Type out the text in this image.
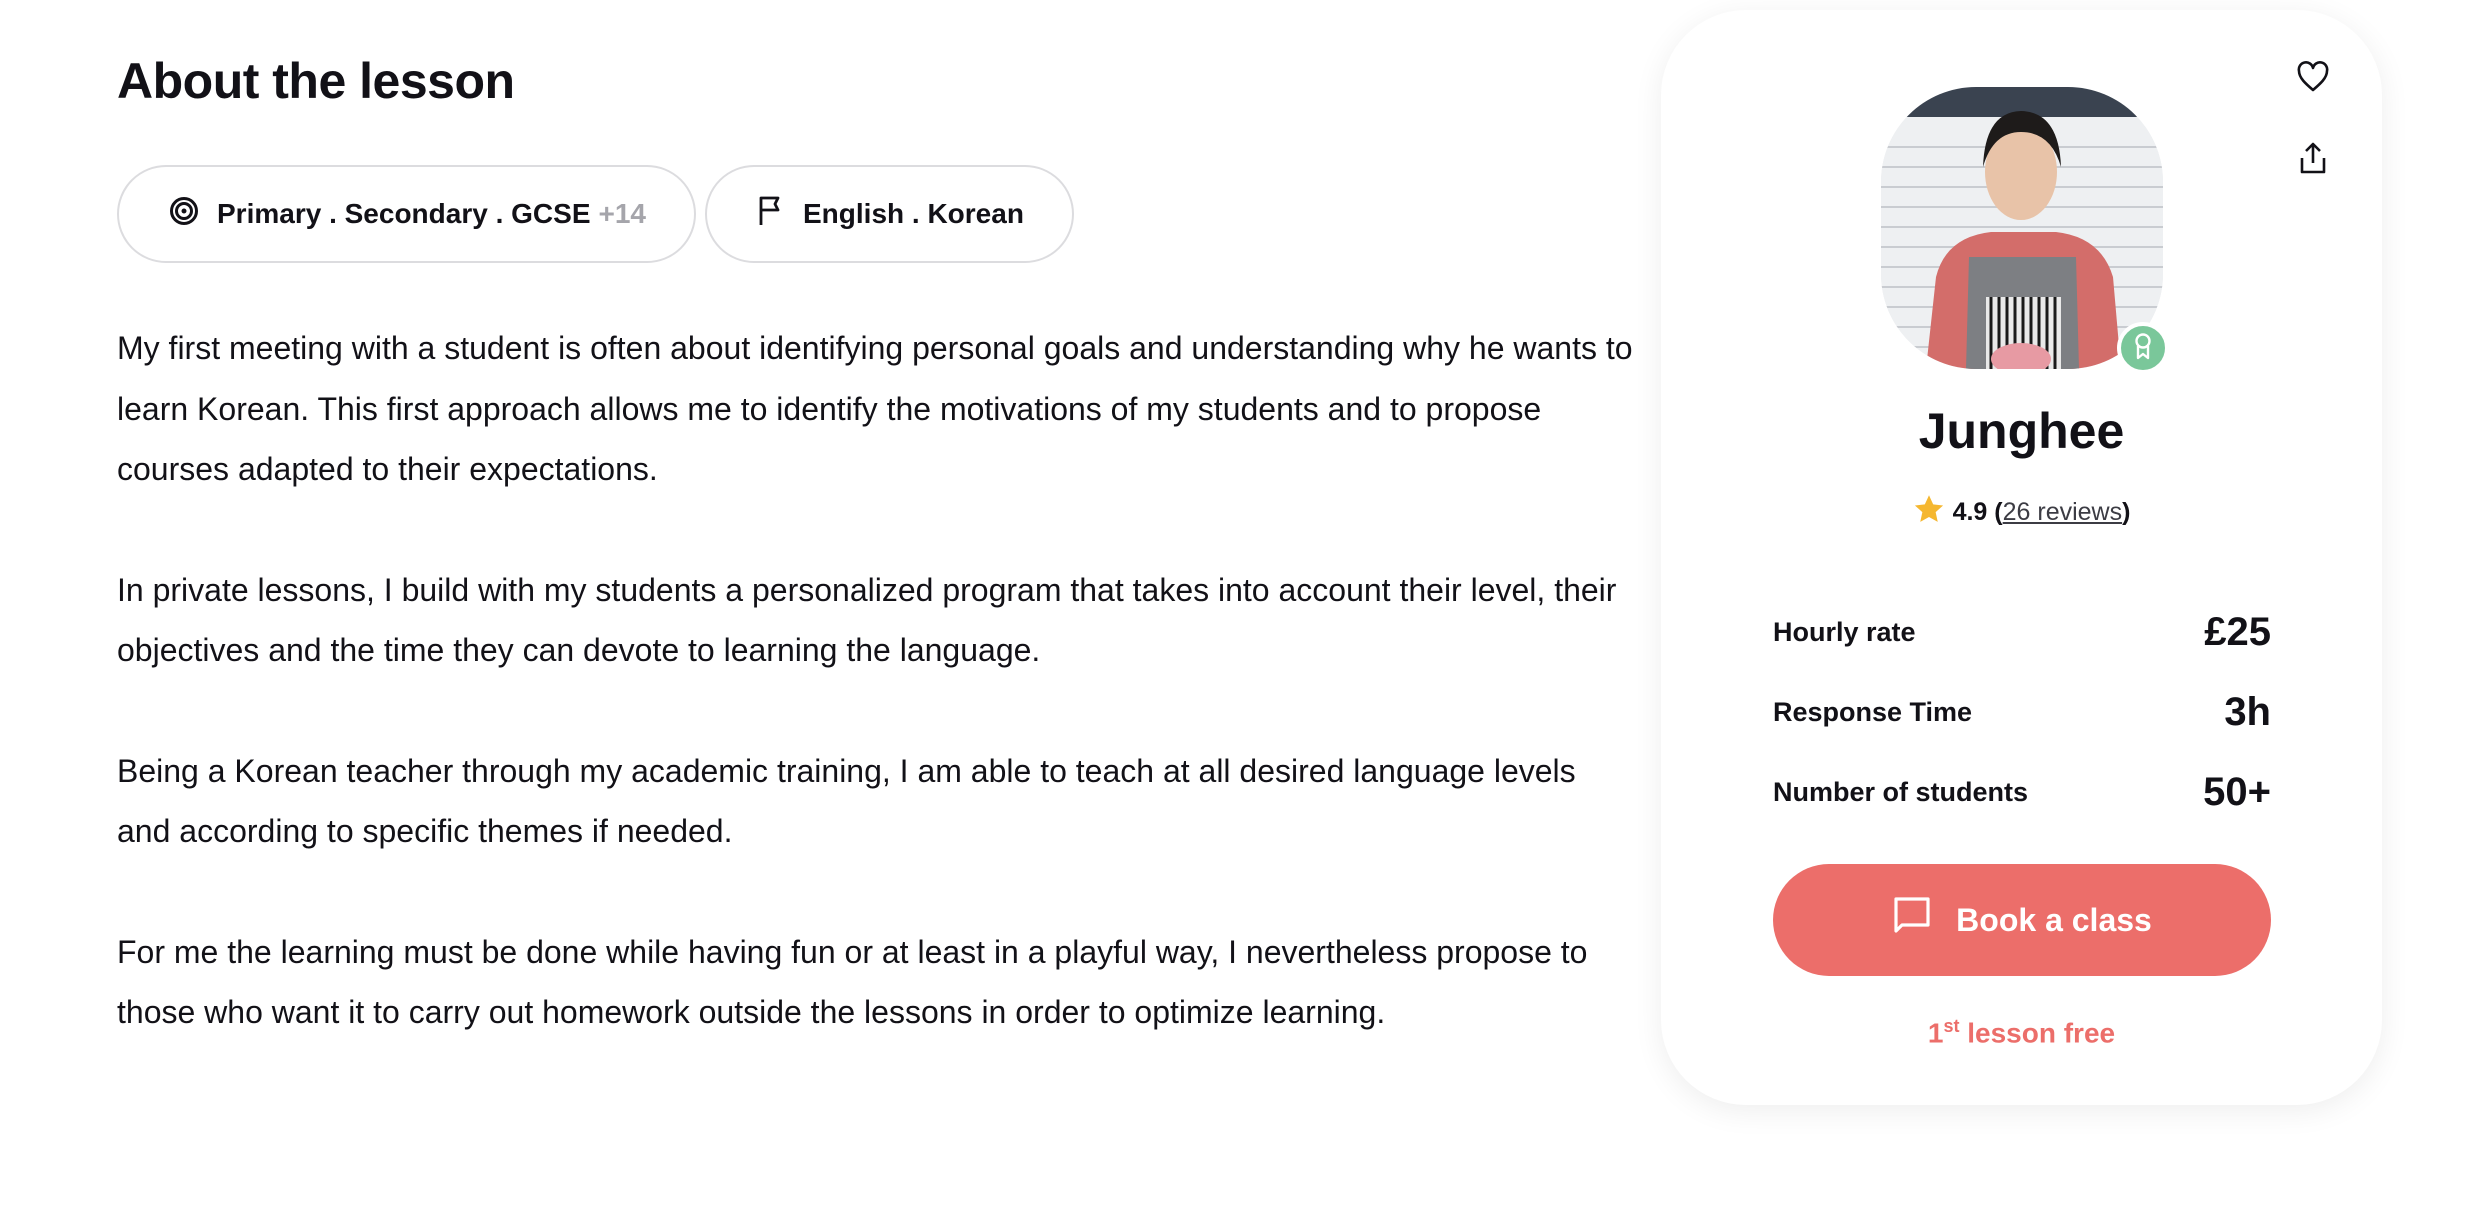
About the lesson
Primary . Secondary . GCSE +14	English . Korean

My first meeting with a student is often about identifying personal goals and understanding why he wants to learn Korean. This first approach allows me to identify the motivations of my students and to propose courses adapted to their expectations.

In private lessons, I build with my students a personalized program that takes into account their level, their objectives and the time they can devote to learning the language.

Being a Korean teacher through my academic training, I am able to teach at all desired language levels and according to specific themes if needed.

For me the learning must be done while having fun or at least in a playful way, I nevertheless propose to those who want it to carry out homework outside the lessons in order to optimize learning.

Junghee
4.9 (26 reviews)
Hourly rate	£25
Response Time	3h
Number of students	50+
Book a class
1st lesson free
